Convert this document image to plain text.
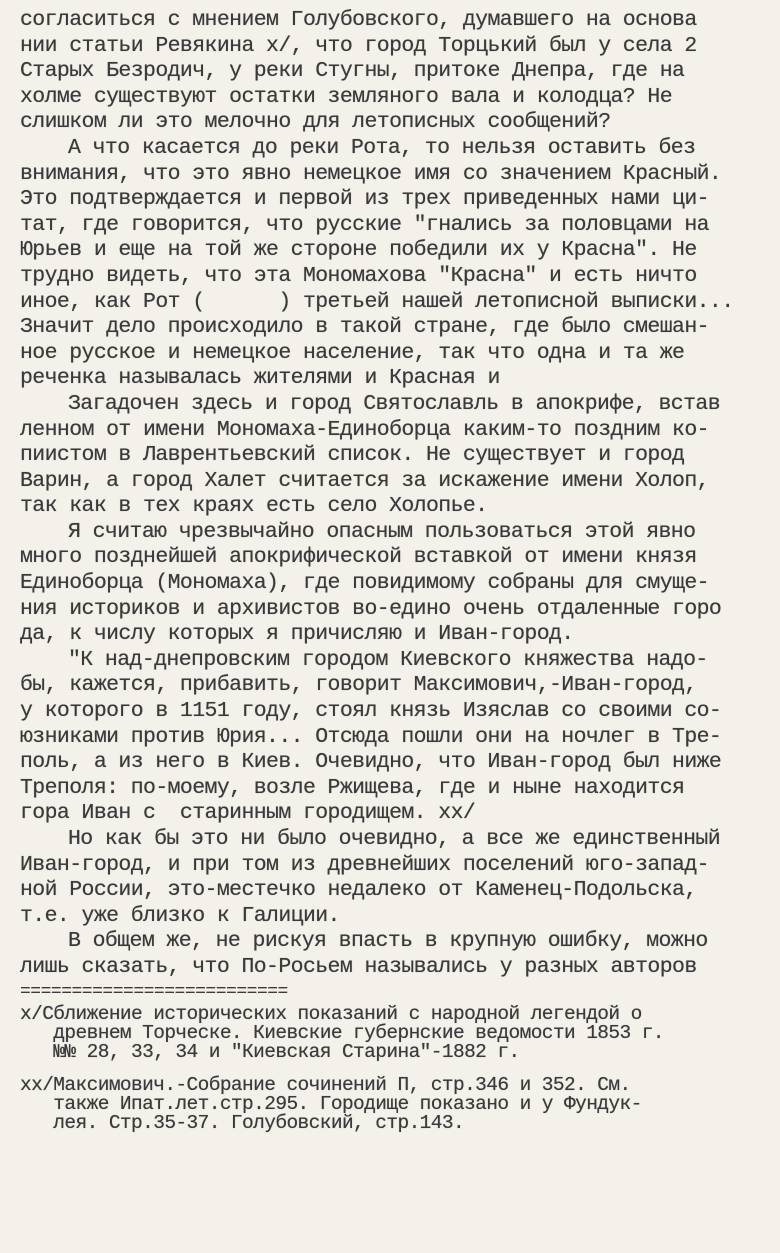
согласиться с мнением Голубовского, думавшего на основа
нии статьи Ревякина x/, что город Торцький был у села 2
Старых Безродич, у реки Стугны, притоке Днепра, где на
холме существуют остатки земляного вала и колодца? Не
слишком ли это мелочно для летописных сообщений?
А что касается до реки Рота, то нельзя оставить без
внимания, что это явно немецкое имя со значением Красный.
Это подтверждается и первой из трех приведенных нами ци-
тат, где говорится, что русские "гнались за половцами на
Юрьев и еще на той же стороне победили их у Красна". Не
трудно видеть, что эта Мономахова "Красна" и есть ничто
иное, как Рот (      ) третьей нашей летописной выписки...
Значит дело происходило в такой стране, где было смешан-
ное русское и немецкое население, так что одна и та же
реченка называлась жителями и Красная и
Загадочен здесь и город Святославль в апокрифе, встав
ленном от имени Мономаха-Единоборца каким-то поздним ко-
пиистом в Лаврентьевский список. Не существует и город
Варин, а город Халет считается за искажение имени Холоп,
так как в тех краях есть село Холопье.
Я считаю чрезвычайно опасным пользоваться этой явно
много позднейшей апокрифической вставкой от имени князя
Единоборца (Мономаха), где повидимому собраны для смуще-
ния историков и архивистов во-едино очень отдаленные горо
да, к числу которых я причисляю и Иван-город.
"К над-днепровским городом Киевского княжества надо-
бы, кажется, прибавить, говорит Максимович,-Иван-город,
у которого в 1151 году, стоял князь Изяслав со своими со-
юзниками против Юрия... Отсюда пошли они на ночлег в Тре-
поль, а из него в Киев. Очевидно, что Иван-город был ниже
Треполя: по-моему, возле Ржищева, где и ныне находится
гора Иван с  старинным городищем. xx/
Но как бы это ни было очевидно, а все же единственный
Иван-город, и при том из древнейших поселений юго-запад-
ной России, это-местечко недалеко от Каменец-Подольска,
т.е. уже близко к Галиции.
В общем же, не рискуя впасть в крупную ошибку, можно
лишь сказать, что По-Росьем назывались у разных авторов
==========================
x/Сближение исторических показаний с народной легендой о
древнем Торческе. Киевские губернские ведомости 1853 г.
№№ 28, 33, 34 и "Киевская Старина"-1882 г.
xx/Максимович.-Собрание сочинений П, стр.346 и 352. См.
также Ипат.лет.стр.295. Городище показано и у Фундук-
лея. Стр.35-37. Голубовский, стр.143.
